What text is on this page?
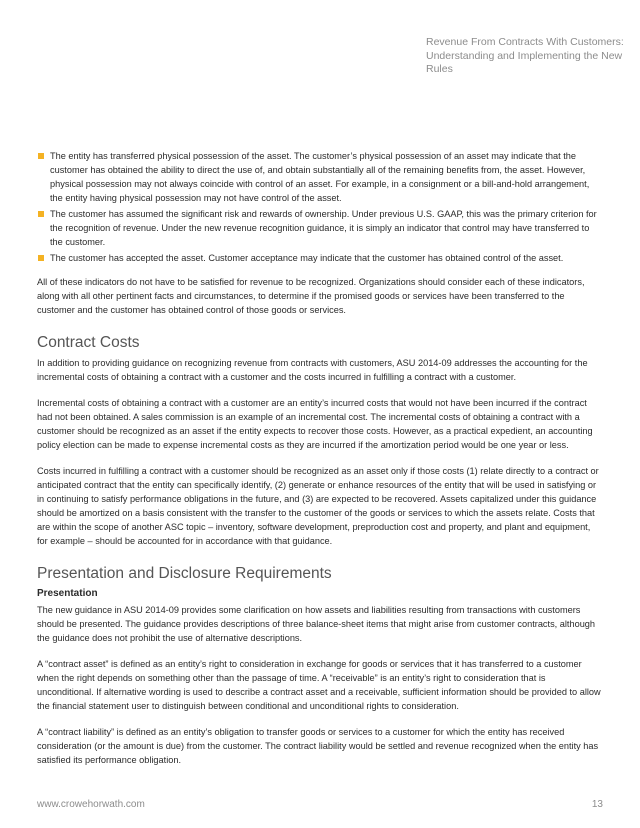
Revenue From Contracts With Customers: Understanding and Implementing the New Rules
The entity has transferred physical possession of the asset. The customer’s physical possession of an asset may indicate that the customer has obtained the ability to direct the use of, and obtain substantially all of the remaining benefits from, the asset. However, physical possession may not always coincide with control of an asset. For example, in a consignment or a bill-and-hold arrangement, the entity having physical possession may not have control of the asset.
The customer has assumed the significant risk and rewards of ownership. Under previous U.S. GAAP, this was the primary criterion for the recognition of revenue. Under the new revenue recognition guidance, it is simply an indicator that control may have transferred to the customer.
The customer has accepted the asset. Customer acceptance may indicate that the customer has obtained control of the asset.

All of these indicators do not have to be satisfied for revenue to be recognized. Organizations should consider each of these indicators, along with all other pertinent facts and circumstances, to determine if the promised goods or services have been transferred to the customer and the customer has obtained control of those goods or services.

Contract Costs

In addition to providing guidance on recognizing revenue from contracts with customers, ASU 2014-09 addresses the accounting for the incremental costs of obtaining a contract with a customer and the costs incurred in fulfilling a contract with a customer.

Incremental costs of obtaining a contract with a customer are an entity’s incurred costs that would not have been incurred if the contract had not been obtained. A sales commission is an example of an incremental cost. The incremental costs of obtaining a contract with a customer should be recognized as an asset if the entity expects to recover those costs. However, as a practical expedient, an accounting policy election can be made to expense incremental costs as they are incurred if the amortization period would be one year or less.

Costs incurred in fulfilling a contract with a customer should be recognized as an asset only if those costs (1) relate directly to a contract or anticipated contract that the entity can specifically identify, (2) generate or enhance resources of the entity that will be used in satisfying or in continuing to satisfy performance obligations in the future, and (3) are expected to be recovered. Assets capitalized under this guidance should be amortized on a basis consistent with the transfer to the customer of the goods or services to which the assets relate. Costs that are within the scope of another ASC topic – inventory, software development, preproduction cost and property, and plant and equipment, for example – should be accounted for in accordance with that guidance.

Presentation and Disclosure Requirements
Presentation

The new guidance in ASU 2014-09 provides some clarification on how assets and liabilities resulting from transactions with customers should be presented. The guidance provides descriptions of three balance-sheet items that might arise from customer contracts, although the guidance does not prohibit the use of alternative descriptions.

A “contract asset” is defined as an entity’s right to consideration in exchange for goods or services that it has transferred to a customer when the right depends on something other than the passage of time. A “receivable” is an entity’s right to consideration that is unconditional. If alternative wording is used to describe a contract asset and a receivable, sufficient information should be provided to allow the financial statement user to distinguish between conditional and unconditional rights to consideration.

A “contract liability” is defined as an entity’s obligation to transfer goods or services to a customer for which the entity has received consideration (or the amount is due) from the customer. The contract liability would be settled and revenue recognized when the entity has satisfied its performance obligation.

www.crowehorwath.com	13
